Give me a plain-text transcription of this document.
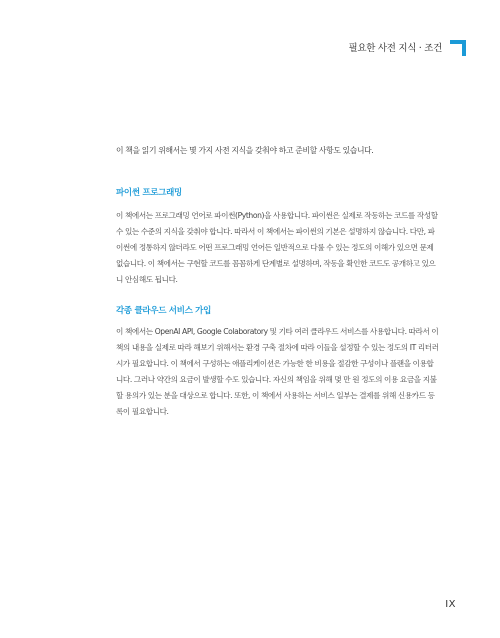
필요한 사전 지식 · 조건
이 책을 읽기 위해서는 몇 가지 사전 지식을 갖춰야 하고 준비할 사항도 있습니다.
파이썬 프로그래밍
이 책에서는 프로그래밍 언어로 파이썬(Python)을 사용합니다. 파이썬은 실제로 작동하는 코드를 작성할
수 있는 수준의 지식을 갖춰야 합니다. 따라서 이 책에서는 파이썬의 기본은 설명하지 않습니다. 다만, 파
이썬에 정통하지 않더라도 어떤 프로그래밍 언어든 일반적으로 다룰 수 있는 정도의 이해가 있으면 문제
없습니다. 이 책에서는 구현할 코드를 꼼꼼하게 단계별로 설명하며, 작동을 확인한 코드도 공개하고 있으
니 안심해도 됩니다.
각종 클라우드 서비스 가입
이 책에서는 OpenAI API, Google Colaboratory 및 기타 여러 클라우드 서비스를 사용합니다. 따라서 이
책의 내용을 실제로 따라 해보기 위해서는 환경 구축 절차에 따라 이들을 설정할 수 있는 정도의 IT 리터러
시가 필요합니다. 이 책에서 구성하는 애플리케이션은 가능한 한 비용을 절감한 구성이나 플랜을 이용합
니다. 그러나 약간의 요금이 발생할 수도 있습니다. 자신의 책임을 위해 몇 만 원 정도의 이용 요금을 지불
할 용의가 있는 분을 대상으로 합니다. 또한, 이 책에서 사용하는 서비스 일부는 결제를 위해 신용카드 등
록이 필요합니다.
IX
